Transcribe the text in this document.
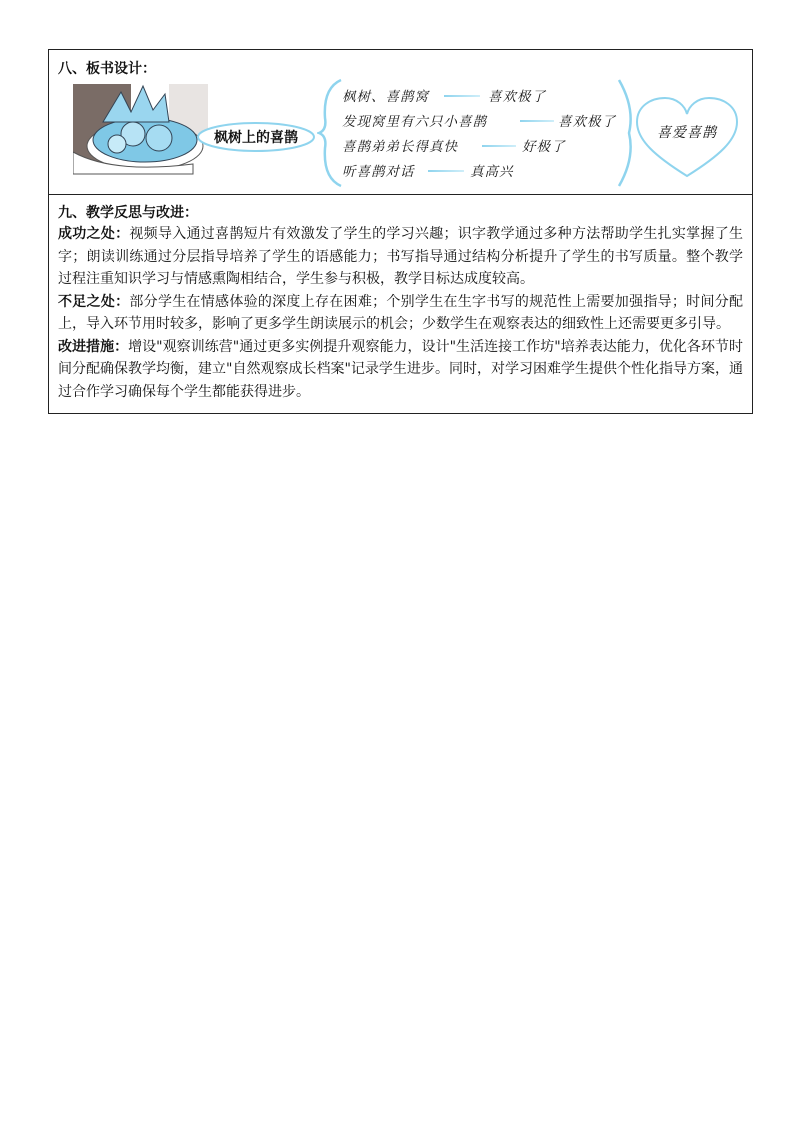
八、板书设计：
枫树上的喜鹊
枫树、喜鹊窝	喜欢极了
发现窝里有六只小喜鹊	喜欢极了
喜鹊弟弟长得真快	好极了
听喜鹊对话	真高兴
喜爱喜鹊
九、教学反思与改进：

成功之处：视频导入通过喜鹊短片有效激发了学生的学习兴趣；识字教学通过多种方法帮助学生扎实掌握了生字；朗读训练通过分层指导培养了学生的语感能力；书写指导通过结构分析提升了学生的书写质量。整个教学过程注重知识学习与情感熏陶相结合，学生参与积极，教学目标达成度较高。

不足之处：部分学生在情感体验的深度上存在困难；个别学生在生字书写的规范性上需要加强指导；时间分配上，导入环节用时较多，影响了更多学生朗读展示的机会；少数学生在观察表达的细致性上还需要更多引导。

改进措施：增设"观察训练营"通过更多实例提升观察能力，设计"生活连接工作坊"培养表达能力，优化各环节时间分配确保教学均衡，建立"自然观察成长档案"记录学生进步。同时，对学习困难学生提供个性化指导方案，通过合作学习确保每个学生都能获得进步。
